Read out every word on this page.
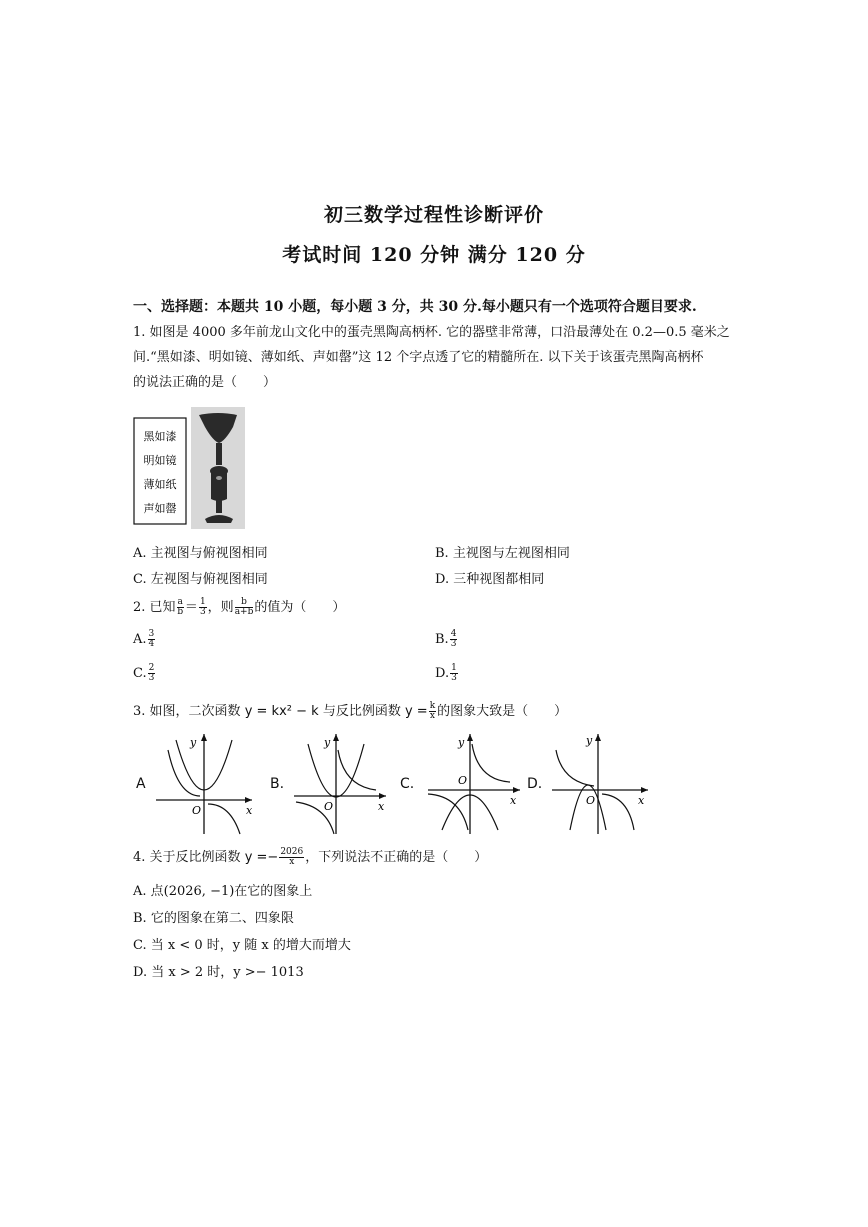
初三数学过程性诊断评价
考试时间 120 分钟 满分 120 分
一、选择题：本题共 10 小题，每小题 3 分，共 30 分.每小题只有一个选项符合题目要求.
1. 如图是 4000 多年前龙山文化中的蛋壳黑陶高柄杯. 它的器壁非常薄，口沿最薄处在 0.2—0.5 毫米之
间.“黑如漆、明如镜、薄如纸、声如罄”这 12 个字点透了它的精髓所在. 以下关于该蛋壳黑陶高柄杯
的说法正确的是（　　）
黑如漆
明如镜
薄如纸
声如罄
A. 主视图与俯视图相同	B. 主视图与左视图相同
C. 左视图与俯视图相同	D. 三种视图都相同
2. 已知 $\frac{a}{b} = \frac{1}{3}$ ，则 $\frac{b}{a+b}$ 的值为（　　）
A. $\frac{3}{4}$	B. $\frac{4}{3}$
C. $\frac{2}{3}$	D. $\frac{1}{3}$
3. 如图，二次函数 y = kx² − k 与反比例函数 $y = \frac{k}{x}$ 的图象大致是（　　）
A
y
x
O
B.
y
x
O
C.
y
x
O	D.
y
x
O
4. 关于反比例函数 $y =- \frac{2026}{x}$ ，下列说法不正确的是（　　）
A. 点(2026, −1)在它的图象上
B. 它的图象在第二、四象限
C. 当 x < 0 时，y 随 x 的增大而增大
D. 当 x > 2 时，y >− 1013
